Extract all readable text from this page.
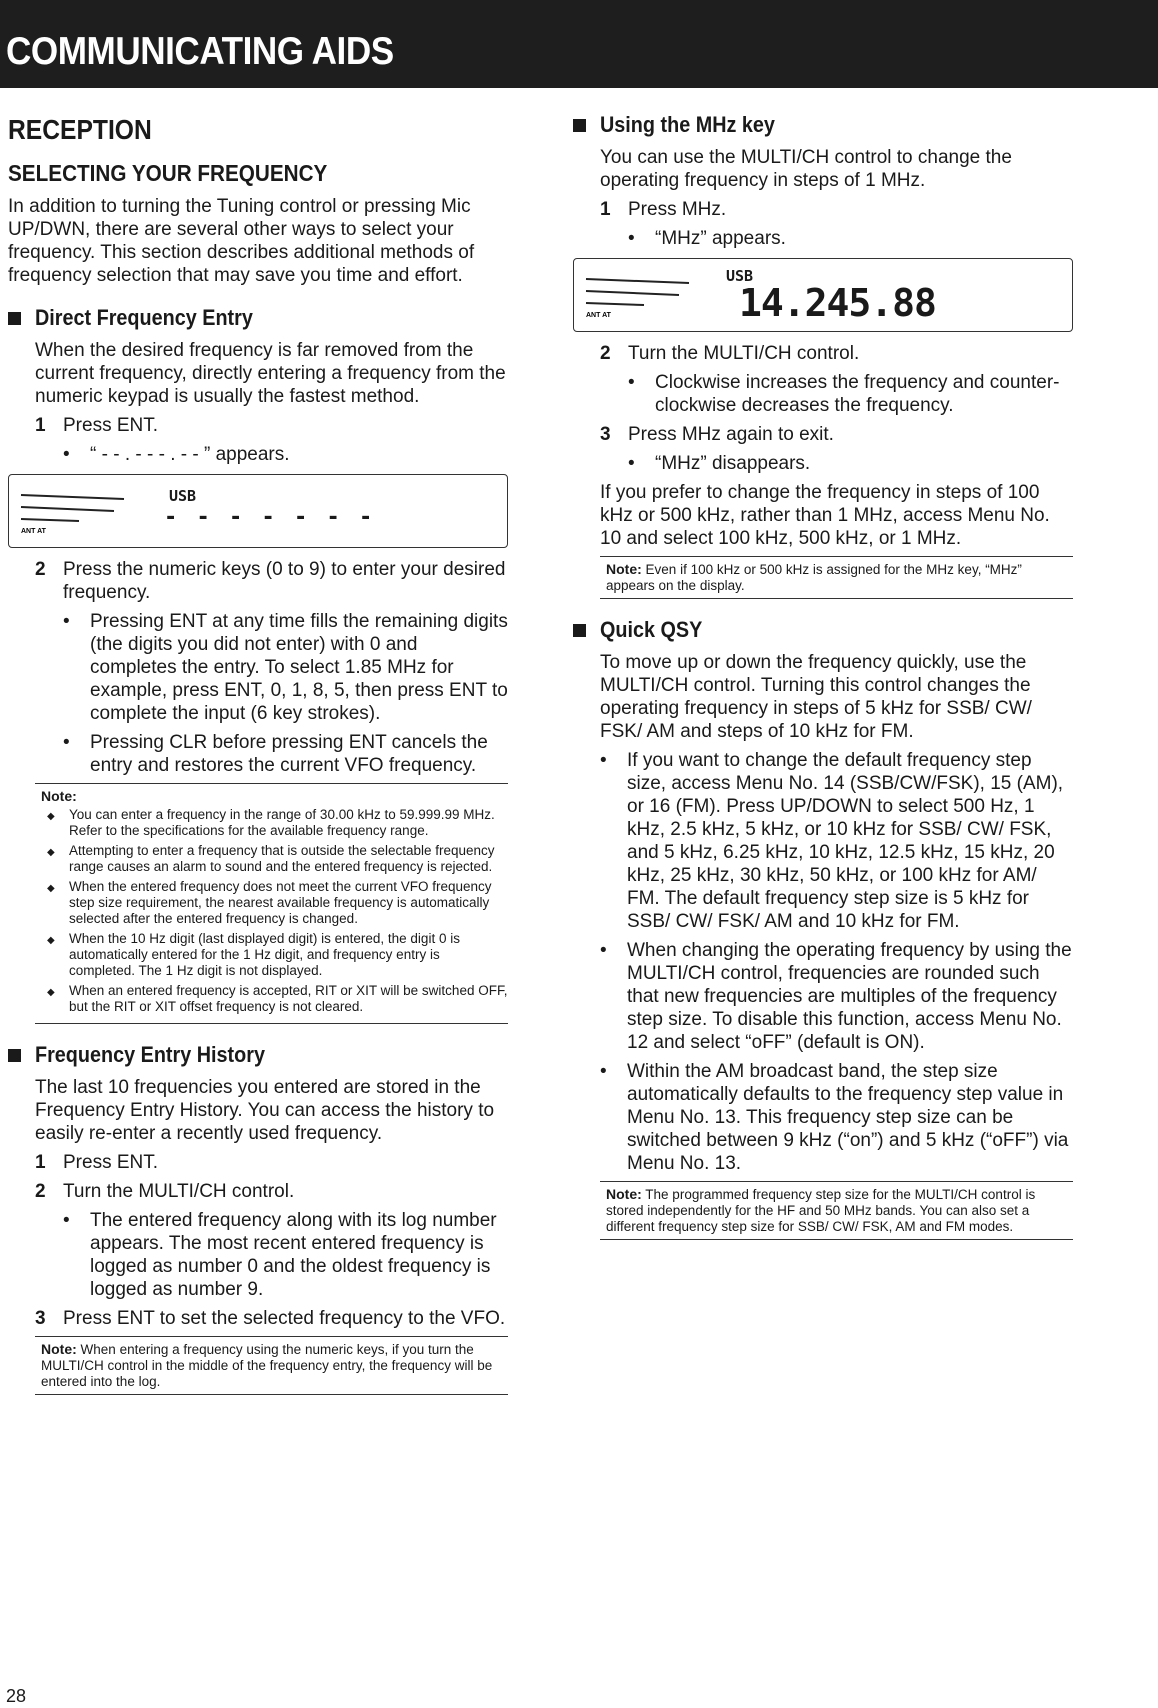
COMMUNICATING AIDS
RECEPTION
SELECTING YOUR FREQUENCY

In addition to turning the Tuning control or pressing Mic UP/DWN, there are several other ways to select your frequency. This section describes additional methods of frequency selection that may save you time and effort.

Direct Frequency Entry

When the desired frequency is far removed from the current frequency, directly entering a frequency from the numeric keypad is usually the fastest method.

1 Press ENT.
•	“ - - . - - - . - - ” appears.
ANT AT
USB
- - - - - - -
2 Press the numeric keys (0 to 9) to enter your desired frequency.
•	Pressing ENT at any time fills the remaining digits (the digits you did not enter) with 0 and completes the entry. To select 1.85 MHz for example, press ENT, 0, 1, 8, 5, then press ENT to complete the input (6 key strokes).
•	Pressing CLR before pressing ENT cancels the entry and restores the current VFO frequency.
Note:
◆	You can enter a frequency in the range of 30.00 kHz to 59.999.99 MHz. Refer to the specifications for the available frequency range.
◆	Attempting to enter a frequency that is outside the selectable frequency range causes an alarm to sound and the entered frequency is rejected.
◆	When the entered frequency does not meet the current VFO frequency step size requirement, the nearest available frequency is automatically selected after the entered frequency is changed.
◆	When the 10 Hz digit (last displayed digit) is entered, the digit 0 is automatically entered for the 1 Hz digit, and frequency entry is completed. The 1 Hz digit is not displayed.
◆	When an entered frequency is accepted, RIT or XIT will be switched OFF, but the RIT or XIT offset frequency is not cleared.
Frequency Entry History

The last 10 frequencies you entered are stored in the Frequency Entry History. You can access the history to easily re-enter a recently used frequency.

1 Press ENT.
2 Turn the MULTI/CH control.
•	The entered frequency along with its log number appears. The most recent entered frequency is logged as number 0 and the oldest frequency is logged as number 9.
3 Press ENT to set the selected frequency to the VFO.
Note: When entering a frequency using the numeric keys, if you turn the MULTI/CH control in the middle of the frequency entry, the frequency will be entered into the log.
Using the MHz key

You can use the MULTI/CH control to change the operating frequency in steps of 1 MHz.

1 Press MHz.
•	“MHz” appears.
ANT AT
USB
14.245.88
2 Turn the MULTI/CH control.
•	Clockwise increases the frequency and counter-clockwise decreases the frequency.
3 Press MHz again to exit.
•	“MHz” disappears.

If you prefer to change the frequency in steps of 100 kHz or 500 kHz, rather than 1 MHz, access Menu No. 10 and select 100 kHz, 500 kHz, or 1 MHz.

Note: Even if 100 kHz or 500 kHz is assigned for the MHz key, “MHz” appears on the display.
Quick QSY

To move up or down the frequency quickly, use the MULTI/CH control. Turning this control changes the operating frequency in steps of 5 kHz for SSB/ CW/ FSK/ AM and steps of 10 kHz for FM.

•	If you want to change the default frequency step size, access Menu No. 14 (SSB/CW/FSK), 15 (AM), or 16 (FM). Press UP/DOWN to select 500 Hz, 1 kHz, 2.5 kHz, 5 kHz, or 10 kHz for SSB/ CW/ FSK, and 5 kHz, 6.25 kHz, 10 kHz, 12.5 kHz, 15 kHz, 20 kHz, 25 kHz, 30 kHz, 50 kHz, or 100 kHz for AM/ FM. The default frequency step size is 5 kHz for SSB/ CW/ FSK/ AM and 10 kHz for FM.
•	When changing the operating frequency by using the MULTI/CH control, frequencies are rounded such that new frequencies are multiples of the frequency step size. To disable this function, access Menu No. 12 and select “oFF” (default is ON).
•	Within the AM broadcast band, the step size automatically defaults to the frequency step value in Menu No. 13. This frequency step size can be switched between 9 kHz (“on”) and 5 kHz (“oFF”) via Menu No. 13.
Note: The programmed frequency step size for the MULTI/CH control is stored independently for the HF and 50 MHz bands. You can also set a different frequency step size for SSB/ CW/ FSK, AM and FM modes.
28
